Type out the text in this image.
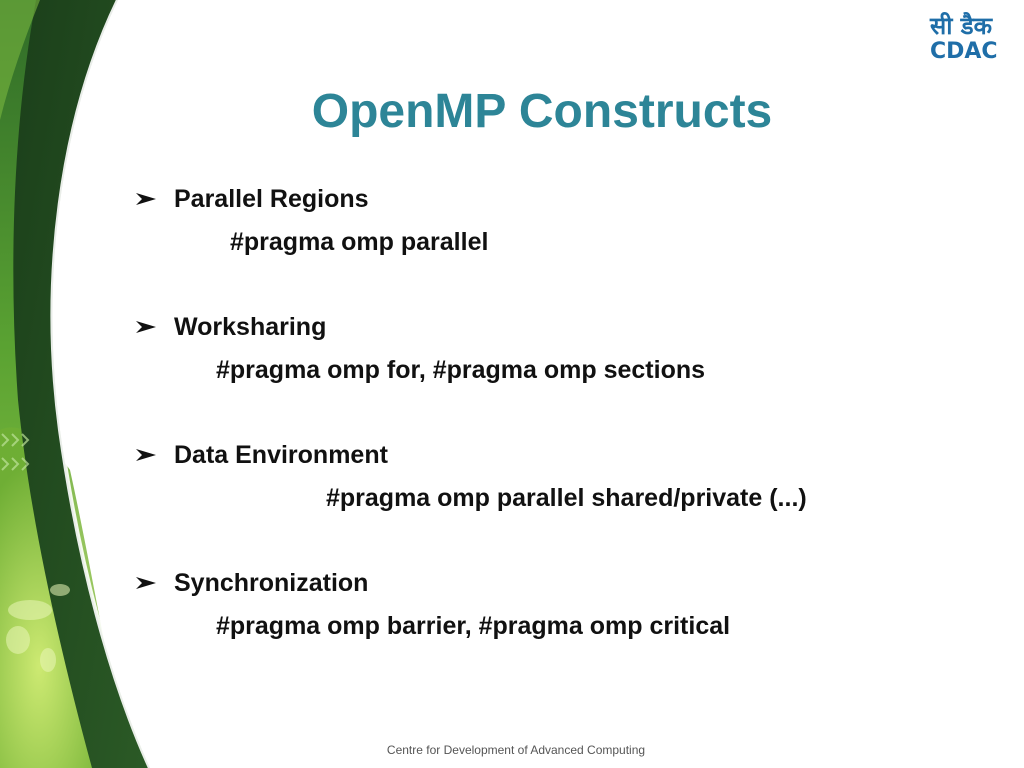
सी डैक
CDAC
OpenMP Constructs
Parallel Regions
#pragma omp parallel
Worksharing
#pragma omp for, #pragma omp sections
Data Environment
#pragma omp parallel shared/private (...)
Synchronization
#pragma omp barrier, #pragma omp critical
Centre for Development of Advanced Computing
